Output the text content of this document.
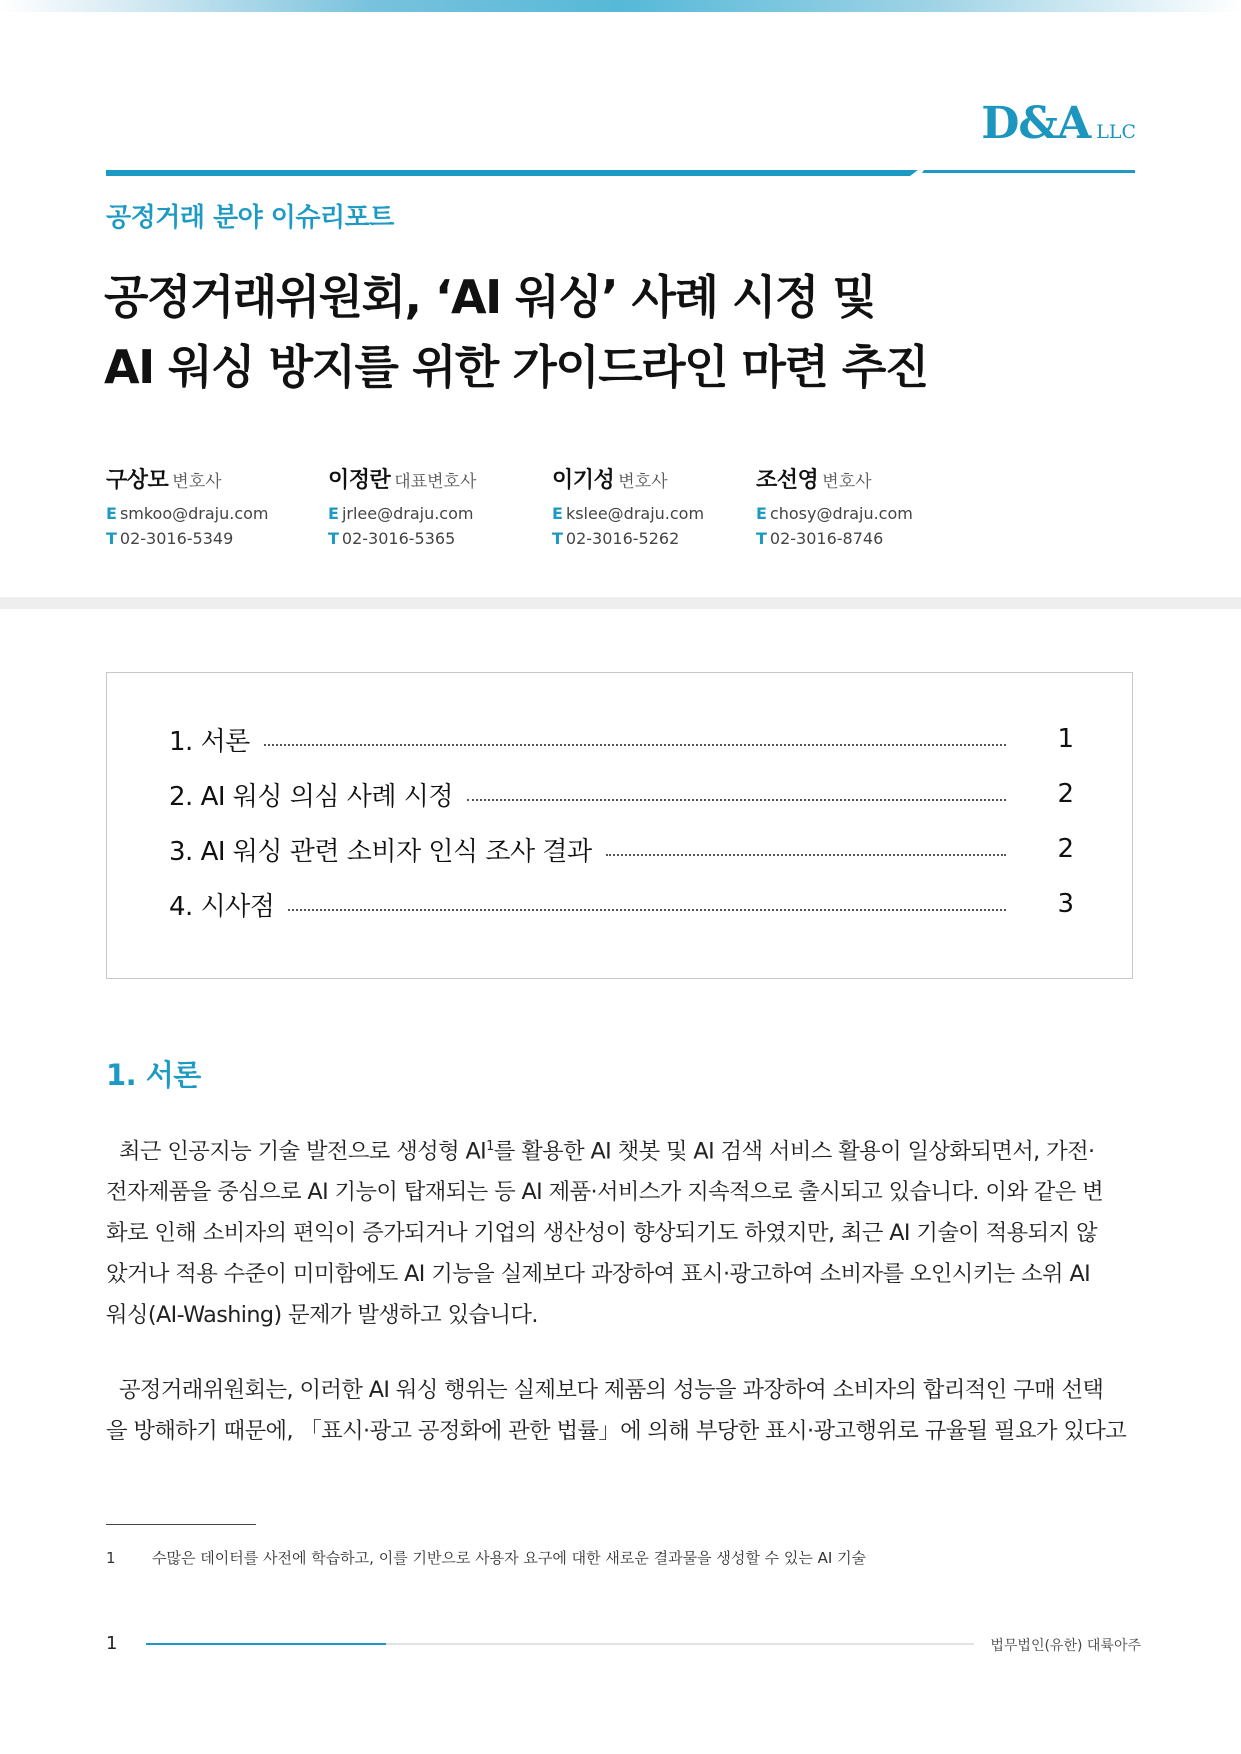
D&A LLC
공정거래 분야 이슈리포트
공정거래위원회, ‘AI 워싱’ 사례 시정 및
AI 워싱 방지를 위한 가이드라인 마련 추진
구상모 변호사
E smkoo@draju.com
T 02-3016-5349
이정란 대표변호사
E jrlee@draju.com
T 02-3016-5365
이기성 변호사
E kslee@draju.com
T 02-3016-5262
조선영 변호사
E chosy@draju.com
T 02-3016-8746
1. 서론	1
2. AI 워싱 의심 사례 시정	2
3. AI 워싱 관련 소비자 인식 조사 결과	2
4. 시사점	3
1. 서론
최근 인공지능 기술 발전으로 생성형 $AI^1$를 활용한 AI 챗봇 및 AI 검색 서비스 활용이 일상화되면서, 가전·
전자제품을 중심으로 AI 기능이 탑재되는 등 AI 제품·서비스가 지속적으로 출시되고 있습니다. 이와 같은 변
화로 인해 소비자의 편익이 증가되거나 기업의 생산성이 향상되기도 하였지만, 최근 AI 기술이 적용되지 않
았거나 적용 수준이 미미함에도 AI 기능을 실제보다 과장하여 표시·광고하여 소비자를 오인시키는 소위 AI
워싱(AI-Washing) 문제가 발생하고 있습니다.
공정거래위원회는, 이러한 AI 워싱 행위는 실제보다 제품의 성능을 과장하여 소비자의 합리적인 구매 선택
을 방해하기 때문에, 「표시·광고 공정화에 관한 법률」에 의해 부당한 표시·광고행위로 규율될 필요가 있다고
1 수많은 데이터를 사전에 학습하고, 이를 기반으로 사용자 요구에 대한 새로운 결과물을 생성할 수 있는 AI 기술
1	법무법인(유한) 대륙아주
